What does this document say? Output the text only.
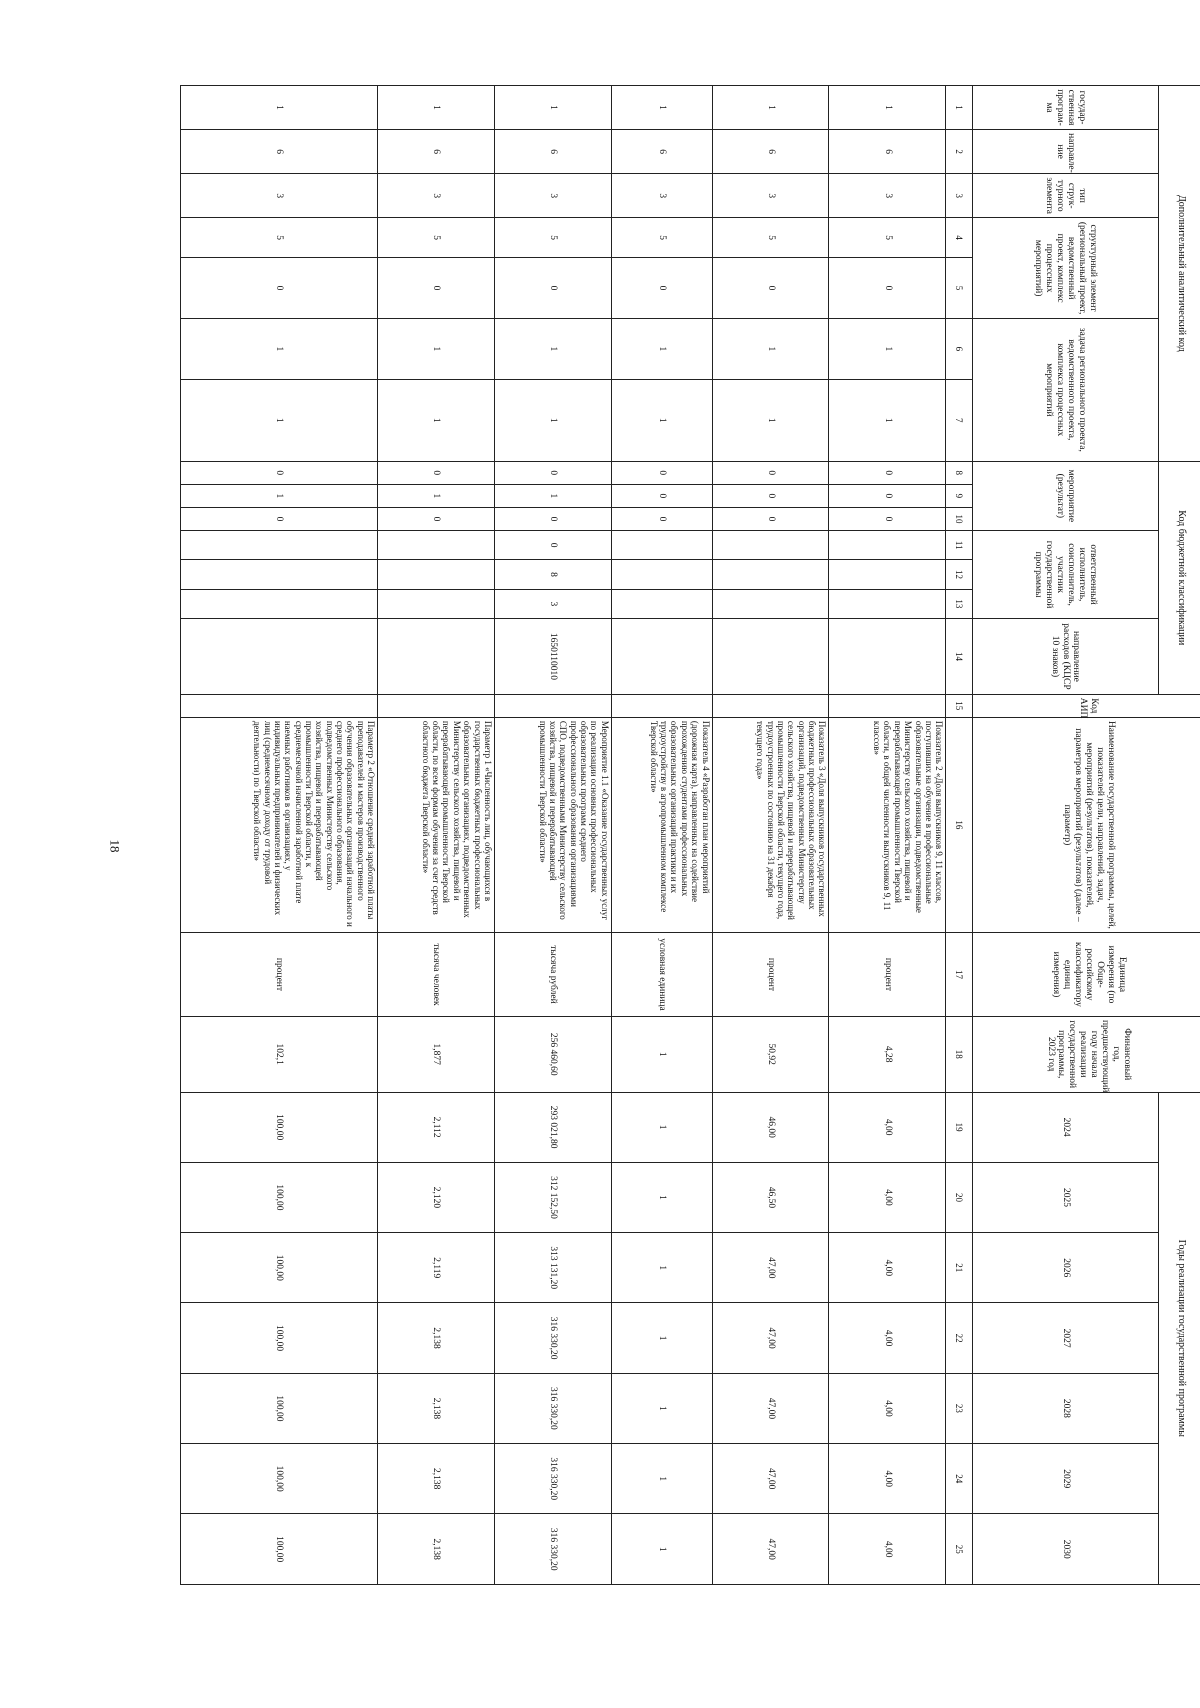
18
Дополнительный аналитический код							Код бюджетной классификации							Код АИП	Наименование государственной программы, целей, показателей цели, направлений, задач, мероприятий (результатов), показателей, параметров мероприятий (результатов) (далее – параметр)	Единица измерения (по Обще-российскому классификатору единиц измерения)	Финансовый год, предшествующий году начала реализации государственной программы, 2023 год	Годы реализации государственной программы						
государ-ственная програм-ма	направле-ние	тип струк-турного элемента	структурный элемент (региональный проект, ведомственный проект, комплекс процессных мероприятий)		задача регионального проекта, ведомственного проекта, комплекса процессных мероприятий		мероприятие (результат)			ответственный исполнитель, соисполнитель, участник государственной программы			направление расходов (КЦСР 10 знаков)					2024	2025	2026	2027	2028	2029	2030
1	2	3	4	5	6	7	8	9	10	11	12	13	14	15	16	17	18	19	20	21	22	23	24	25
1	6	3	5	0	1	1	0	0	0						Показатель 2 «Доля выпускников 9, 11 классов, поступивших на обучение в профессиональные образовательные организации, подведомственные Министерству сельского хозяйства, пищевой и перерабатывающей промышленности Тверской области, в общей численности выпускников 9, 11 классов»	процент	4,28	4,00	4,00	4,00	4,00	4,00	4,00	4,00
1	6	3	5	0	1	1	0	0	0						Показатель 3 «Доля выпускников государственных бюджетных профессиональных образовательных организаций, подведомственных Министерству сельского хозяйства, пищевой и перерабатывающей промышленности Тверской области, текущего года, трудоустроенных по состоянию на 31 декабря текущего года»	процент	50,92	46,00	46,50	47,00	47,00	47,00	47,00	47,00
1	6	3	5	0	1	1	0	0	0						Показатель 4 «Разработан план мероприятий (дорожная карта), направленных на содействие прохождению студентами профессиональных образовательных организаций практики и их трудоустройству в агропромышленном комплексе Тверской области»	условная единица	1	1	1	1	1	1	1	1
1	6	3	5	0	1	1	0	1	0	0	8	3	1650110010		Мероприятие 1.1 «Оказание государственных услуг по реализации основных профессиональных образовательных программ среднего профессионального образования организациями СПО, подведомственными Министерству сельского хозяйства, пищевой и перерабатывающей промышленности Тверской области»	тысяча рублей	256 460,60	293 021,80	312 152,50	313 131,20	316 330,20	316 330,20	316 330,20	316 330,20
1	6	3	5	0	1	1	0	1	0						Параметр 1 «Численность лиц, обучающихся в государственных бюджетных профессиональных образовательных организациях, подведомственных Министерству сельского хозяйства, пищевой и перерабатывающей промышленности Тверской области, по всем формам обучения за счет средств областного бюджета Тверской области»	тысяча человек	1,877	2,112	2,120	2,119	2,138	2,138	2,138	2,138
1	6	3	5	0	1	1	0	1	0						Параметр 2 «Отношение средней заработной платы преподавателей и мастеров производственного обучения образовательных организаций начального и среднего профессионального образования, подведомственных Министерству сельского хозяйства, пищевой и перерабатывающей промышленности Тверской области, к среднемесячной начисленной заработной плате наемных работников в организациях, у индивидуальных предпринимателей и физических лиц (среднемесячному доходу от трудовой деятельности) по Тверской области»	процент	102,1	100,00	100,00	100,00	100,00	100,00	100,00	100,00
